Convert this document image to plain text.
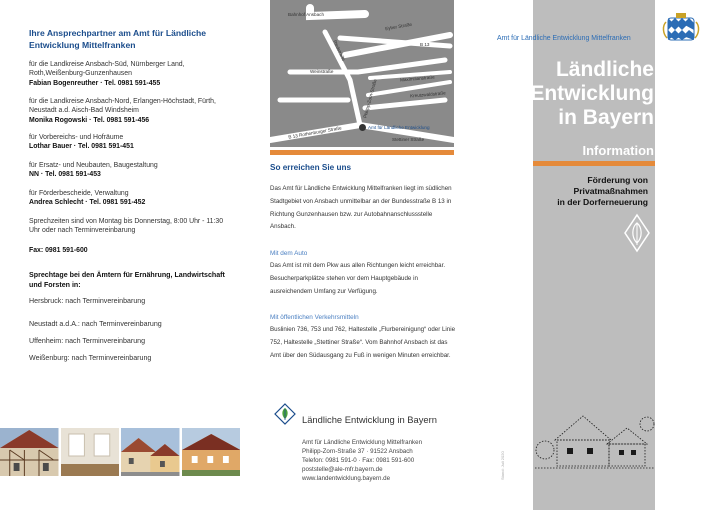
Ihre Ansprechpartner am Amt für Ländliche Entwicklung Mittelfranken
für die Landkreise Ansbach-Süd, Nürnberger Land, Roth,Weißenburg-Gunzenhausen
Fabian Bogenreuther · Tel. 0981 591-455
für die Landkreise Ansbach-Nord, Erlangen-Höchstadt, Fürth, Neustadt a.d. Aisch-Bad Windsheim
Monika Rogowski · Tel. 0981 591-456
für Vorbereichs- und Hofräume
Lothar Bauer · Tel. 0981 591-451
für Ersatz- und Neubauten, Baugestaltung
NN · Tel. 0981 591-453
für Förderbescheide, Verwaltung
Andrea Schlecht · Tel. 0981 591-452
Sprechzeiten sind von Montag bis Donnerstag, 8:00 Uhr - 11:30 Uhr oder nach Terminvereinbarung
Fax: 0981 591-600
Sprechtage bei den Ämtern für Ernährung, Landwirtschaft und Forsten in:
Hersbruck: nach Terminvereinbarung
Neustadt a.d.A.: nach Terminvereinbarung
Uffenheim: nach Terminvereinbarung
Weißenburg: nach Terminvereinbarung
Bahnhof Ansbach
Eyber Straße
B 13
Weinstraße
Riedstraße
Maximilianstraße
Kreutzwaldstraße
Philipp-Zorn-Straße
Amt für Ländliche Entwicklung
Stettiner Straße
B 13 Rothenburger Straße
So erreichen Sie uns
Das Amt für Ländliche Entwicklung Mittelfranken liegt im südlichen Stadtgebiet von Ansbach unmittelbar an der Bundesstraße B 13 in Richtung Gunzenhausen bzw. zur Autobahnanschlussstelle Ansbach.
Mit dem Auto
Das Amt ist mit dem Pkw aus allen Richtungen leicht erreichbar. Besucherparkplätze stehen vor dem Hauptgebäude in ausreichendem Umfang zur Verfügung.
Mit öffentlichen Verkehrsmitteln
Buslinien 736, 753 und 762, Haltestelle „Flurbereinigung“ oder Linie 752, Haltestelle „Stettiner Straße“. Vom Bahnhof Ansbach ist das Amt über den Südausgang zu Fuß in wenigen Minuten erreichbar.
Ländliche Entwicklung in Bayern
Amt für Ländliche Entwicklung Mittelfranken
Philipp-Zorn-Straße 37 · 91522 Ansbach
Telefon: 0981 591-0 · Fax: 0981 591-600
poststelle@ale-mfr.bayern.de
www.landentwicklung.bayern.de	Stand: Juli 2020
Amt für Ländliche Entwicklung Mittelfranken
Ländliche
Entwicklung
in Bayern
Information
Förderung von
Privatmaßnahmen
in der Dorferneuerung
